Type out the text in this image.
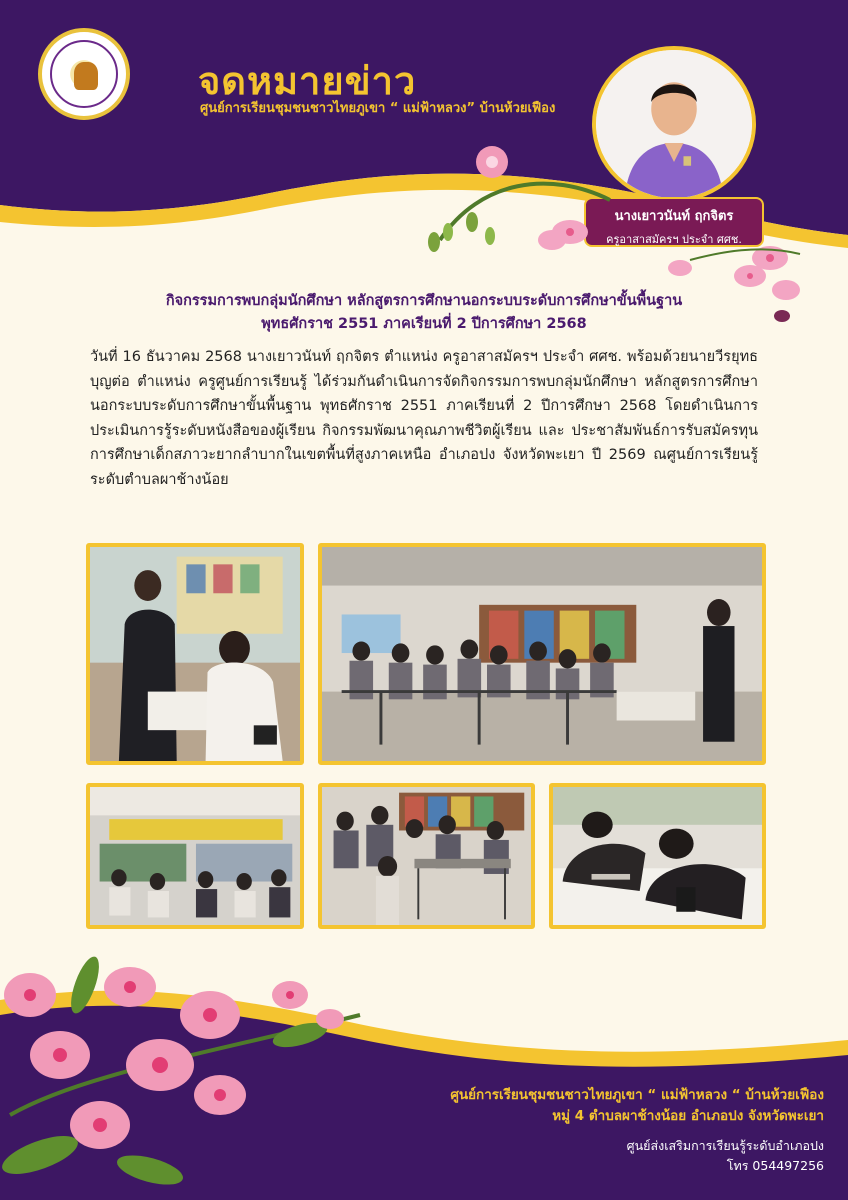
จดหมายข่าว
ศูนย์การเรียนชุมชนชาวไทยภูเขา “ แม่ฟ้าหลวง” บ้านห้วยเฟือง
นางเยาวนันท์ ฤกจิตร
ครูอาสาสมัครฯ ประจำ ศศช.
กิจกรรมการพบกลุ่มนักศึกษา หลักสูตรการศึกษานอกระบบระดับการศึกษาขั้นพื้นฐาน
พุทธศักราช 2551 ภาคเรียนที่ 2 ปีการศึกษา 2568
วันที่ 16 ธันวาคม 2568 นางเยาวนันท์ ฤกจิตร ตำแหน่ง ครูอาสาสมัครฯ ประจำ ศศช. พร้อมด้วยนายวีรยุทธ บุญต่อ ตำแหน่ง ครูศูนย์การเรียนรู้ ได้ร่วมกันดำเนินการจัดกิจกรรมการพบกลุ่มนักศึกษา หลักสูตรการศึกษานอกระบบระดับการศึกษาขั้นพื้นฐาน พุทธศักราช 2551 ภาคเรียนที่ 2 ปีการศึกษา 2568 โดยดำเนินการประเมินการรู้ระดับหนังสือของผู้เรียน กิจกรรมพัฒนาคุณภาพชีวิตผู้เรียน และ ประชาสัมพันธ์การรับสมัครทุนการศึกษาเด็กสภาวะยากลำบากในเขตพื้นที่สูงภาคเหนือ อำเภอปง จังหวัดพะเยา ปี 2569 ณศูนย์การเรียนรู้ระดับตำบลผาช้างน้อย
ศูนย์การเรียนชุมชนชาวไทยภูเขา “ แม่ฟ้าหลวง “ บ้านห้วยเฟือง
หมู่ 4 ตำบลผาช้างน้อย อำเภอปง จังหวัดพะเยา
ศูนย์ส่งเสริมการเรียนรู้ระดับอำเภอปง
โทร 054497256
